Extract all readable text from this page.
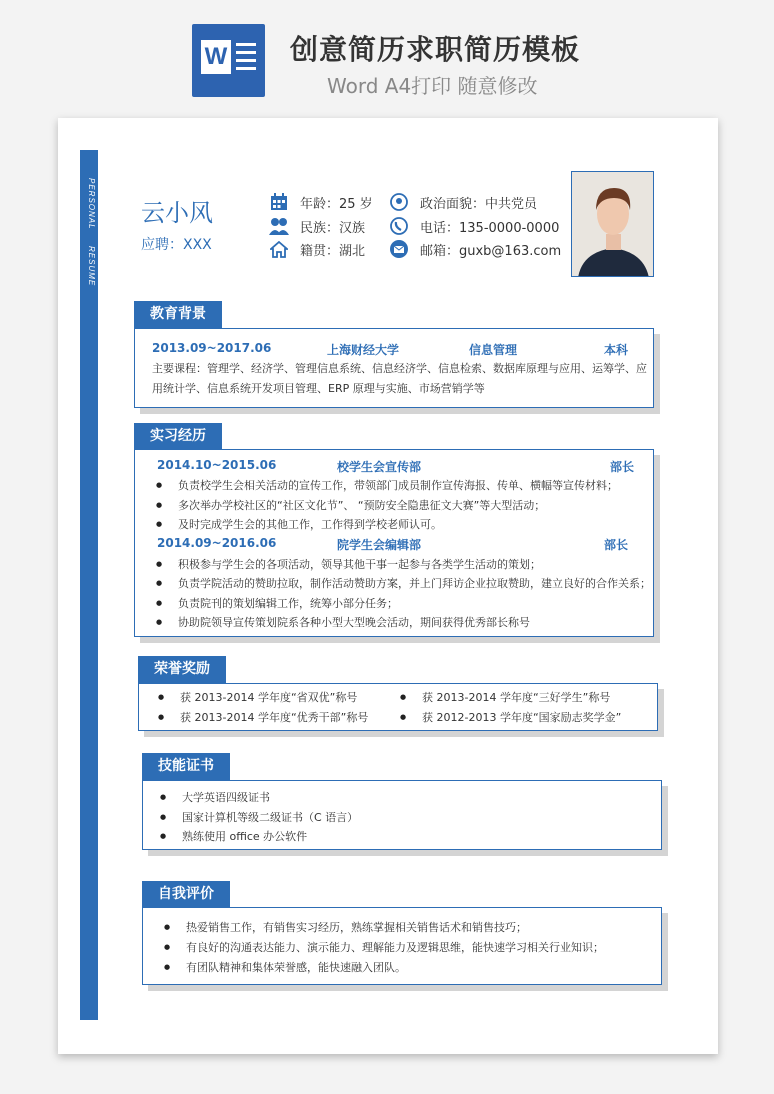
W 创意简历求职简历模板
Word A4打印 随意修改
PERSONALRESUME
云小风
应聘：XXX
年龄：25 岁
民族：汉族
籍贯：湖北
政治面貌：中共党员
电话：135-0000-0000
邮箱：guxb@163.com
教育背景
2013.09~2017.06	上海财经大学	信息管理	本科
主要课程：管理学、经济学、管理信息系统、信息经济学、信息检索、数据库原理与应用、运筹学、应
用统计学、信息系统开发项目管理、ERP 原理与实施、市场营销学等
实习经历
2014.10~2015.06	校学生会宣传部	部长
● 负责校学生会相关活动的宣传工作，带领部门成员制作宣传海报、传单、横幅等宣传材料；
● 多次举办学校社区的“社区文化节”、 “预防安全隐患征文大赛”等大型活动；
● 及时完成学生会的其他工作，工作得到学校老师认可。
2014.09~2016.06	院学生会编辑部	部长
● 积极参与学生会的各项活动，领导其他干事一起参与各类学生活动的策划；
● 负责学院活动的赞助拉取，制作活动赞助方案，并上门拜访企业拉取赞助，建立良好的合作关系；
● 负责院刊的策划编辑工作，统筹小部分任务；
● 协助院领导宣传策划院系各种小型大型晚会活动，期间获得优秀部长称号
荣誉奖励
● 获 2013-2014 学年度“省双优”称号	● 获 2013-2014 学年度“三好学生”称号
● 获 2013-2014 学年度“优秀干部”称号	● 获 2012-2013 学年度“国家励志奖学金”
技能证书
● 大学英语四级证书
● 国家计算机等级二级证书（C 语言）
● 熟练使用 office 办公软件
自我评价
● 热爱销售工作，有销售实习经历，熟练掌握相关销售话术和销售技巧；
● 有良好的沟通表达能力、演示能力、理解能力及逻辑思维，能快速学习相关行业知识；
● 有团队精神和集体荣誉感，能快速融入团队。
